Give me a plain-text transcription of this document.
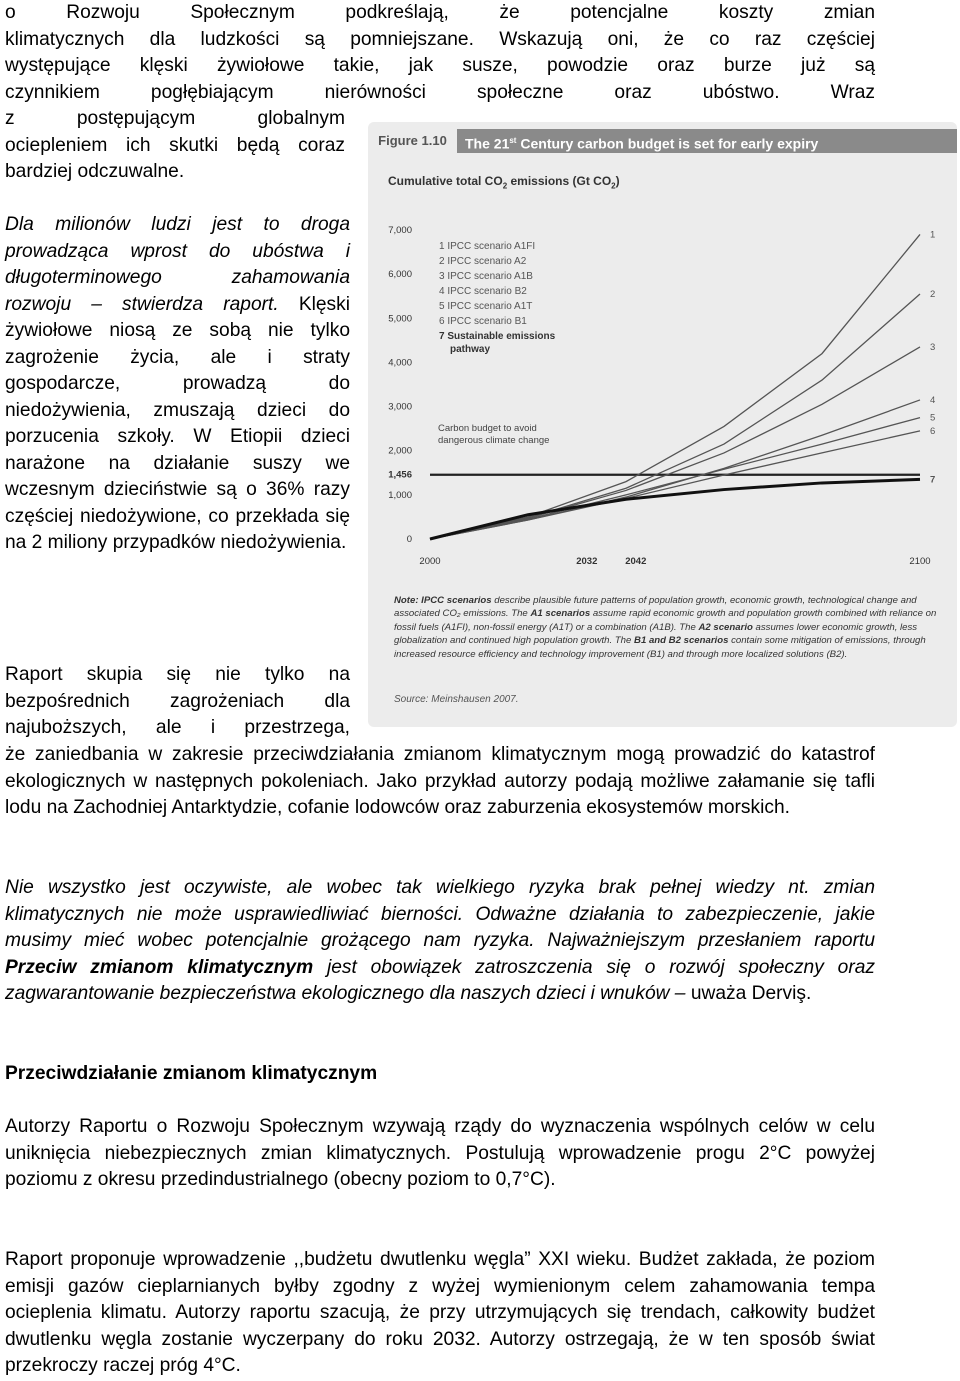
o Rozwoju Społecznym podkreślają, że potencjalne koszty zmian

klimatycznych dla ludzkości są pomniejszane. Wskazują oni, że co raz częściej

występujące klęski żywiołowe takie, jak susze, powodzie oraz burze już są

czynnikiem pogłębiającym nierówności społeczne oraz ubóstwo. Wraz

z postępującym globalnym

ociepleniem ich skutki będą coraz

bardziej odczuwalne.

Dla milionów ludzi jest to droga prowadząca wprost do ubóstwa i długoterminowego zahamowania rozwoju – stwierdza raport. Klęski żywiołowe niosą ze sobą nie tylko zagrożenie życia, ale i straty gospodarcze, prowadzą do niedożywienia, zmuszają dzieci do porzucenia szkoły. W Etiopii dzieci narażone na działanie suszy we wczesnym dzieciństwie są o 36% razy częściej niedożywione, co przekłada się na 2 miliony przypadków niedożywienia.

Raport skupia się nie tylko na

bezpośrednich zagrożeniach dla

najuboższych, ale i przestrzega,

że zaniedbania w zakresie przeciwdziałania zmianom klimatycznym mogą prowadzić do katastrof ekologicznych w następnych pokoleniach. Jako przykład autorzy podają możliwe załamanie się tafli lodu na Zachodniej Antarktydzie, cofanie lodowców oraz zaburzenia ekosystemów morskich.

Nie wszystko jest oczywiste, ale wobec tak wielkiego ryzyka brak pełnej wiedzy nt. zmian klimatycznych nie może usprawiedliwiać bierności. Odważne działania to zabezpieczenie, jakie musimy mieć wobec potencjalnie grożącego nam ryzyka. Najważniejszym przesłaniem raportu Przeciw zmianom klimatycznym jest obowiązek zatroszczenia się o rozwój społeczny oraz zagwarantowanie bezpieczeństwa ekologicznego dla naszych dzieci i wnuków – uważa Derviş.

Przeciwdziałanie zmianom klimatycznym

Autorzy Raportu o Rozwoju Społecznym wzywają rządy do wyznaczenia wspólnych celów w celu uniknięcia niebezpiecznych zmian klimatycznych. Postulują wprowadzenie progu 2°C powyżej poziomu z okresu przedindustrialnego (obecny poziom to 0,7°C).

Raport proponuje wprowadzenie ,,budżetu dwutlenku węgla” XXI wieku. Budżet zakłada, że poziom emisji gazów cieplarnianych byłby zgodny z wyżej wymienionym celem zahamowania tempa ocieplenia klimatu. Autorzy raportu szacują, że przy utrzymujących się trendach, całkowity budżet dwutlenku węgla zostanie wyczerpany do roku 2032. Autorzy ostrzegają, że w ten sposób świat przekroczy raczej próg 4°C.

Figure 1.10	The 21st Century carbon budget is set for early expiry
Cumulative total $CO_2$ emissions (Gt $CO_2$)
0
1,000
1,456
2,000
3,000
4,000
5,000
6,000
7,000
2000	2032	2042	2100
1
2
3
4
5
6
7
1 IPCC scenario A1FI
2 IPCC scenario A2
3 IPCC scenario A1B
4 IPCC scenario B2
5 IPCC scenario A1T
6 IPCC scenario B1
7 Sustainable emissions
pathway
Carbon budget to avoid
dangerous climate change
Note: IPCC scenarios describe plausible future patterns of population growth, economic growth, technological change and associated CO₂ emissions. The A1 scenarios assume rapid economic growth and population growth combined with reliance on fossil fuels (A1FI), non-fossil energy (A1T) or a combination (A1B). The A2 scenario assumes lower economic growth, less globalization and continued high population growth. The B1 and B2 scenarios contain some mitigation of emissions, through increased resource efficiency and technology improvement (B1) and through more localized solutions (B2).
Source: Meinshausen 2007.
